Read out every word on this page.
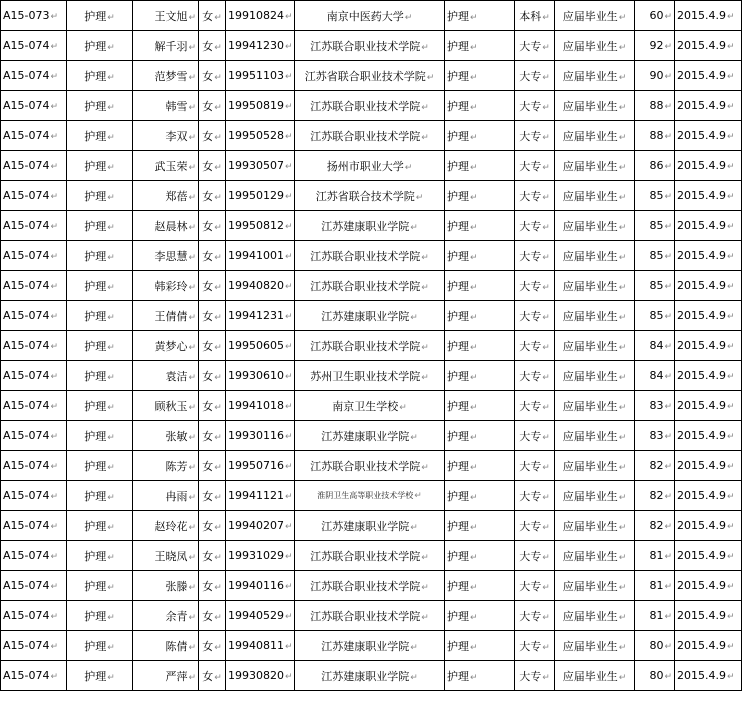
A15-073↵	护理↵	王文旭↵	女↵	19910824↵	南京中医药大学↵	护理↵	本科↵	应届毕业生↵	60↵	2015.4.9↵
A15-074↵	护理↵	解千羽↵	女↵	19941230↵	江苏联合职业技术学院↵	护理↵	大专↵	应届毕业生↵	92↵	2015.4.9↵
A15-074↵	护理↵	范梦雪↵	女↵	19951103↵	江苏省联合职业技术学院↵	护理↵	大专↵	应届毕业生↵	90↵	2015.4.9↵
A15-074↵	护理↵	韩雪↵	女↵	19950819↵	江苏联合职业技术学院↵	护理↵	大专↵	应届毕业生↵	88↵	2015.4.9↵
A15-074↵	护理↵	李双↵	女↵	19950528↵	江苏联合职业技术学院↵	护理↵	大专↵	应届毕业生↵	88↵	2015.4.9↵
A15-074↵	护理↵	武玉荣↵	女↵	19930507↵	扬州市职业大学↵	护理↵	大专↵	应届毕业生↵	86↵	2015.4.9↵
A15-074↵	护理↵	郑蓓↵	女↵	19950129↵	江苏省联合技术学院↵	护理↵	大专↵	应届毕业生↵	85↵	2015.4.9↵
A15-074↵	护理↵	赵晨林↵	女↵	19950812↵	江苏建康职业学院↵	护理↵	大专↵	应届毕业生↵	85↵	2015.4.9↵
A15-074↵	护理↵	李思慧↵	女↵	19941001↵	江苏联合职业技术学院↵	护理↵	大专↵	应届毕业生↵	85↵	2015.4.9↵
A15-074↵	护理↵	韩彩玲↵	女↵	19940820↵	江苏联合职业技术学院↵	护理↵	大专↵	应届毕业生↵	85↵	2015.4.9↵
A15-074↵	护理↵	王倩倩↵	女↵	19941231↵	江苏建康职业学院↵	护理↵	大专↵	应届毕业生↵	85↵	2015.4.9↵
A15-074↵	护理↵	黄梦心↵	女↵	19950605↵	江苏联合职业技术学院↵	护理↵	大专↵	应届毕业生↵	84↵	2015.4.9↵
A15-074↵	护理↵	袁洁↵	女↵	19930610↵	苏州卫生职业技术学院↵	护理↵	大专↵	应届毕业生↵	84↵	2015.4.9↵
A15-074↵	护理↵	顾秋玉↵	女↵	19941018↵	南京卫生学校↵	护理↵	大专↵	应届毕业生↵	83↵	2015.4.9↵
A15-074↵	护理↵	张敏↵	女↵	19930116↵	江苏建康职业学院↵	护理↵	大专↵	应届毕业生↵	83↵	2015.4.9↵
A15-074↵	护理↵	陈芳↵	女↵	19950716↵	江苏联合职业技术学院↵	护理↵	大专↵	应届毕业生↵	82↵	2015.4.9↵
A15-074↵	护理↵	冉雨↵	女↵	19941121↵	淮阴卫生高等职业技术学校↵	护理↵	大专↵	应届毕业生↵	82↵	2015.4.9↵
A15-074↵	护理↵	赵玲花↵	女↵	19940207↵	江苏建康职业学院↵	护理↵	大专↵	应届毕业生↵	82↵	2015.4.9↵
A15-074↵	护理↵	王晓凤↵	女↵	19931029↵	江苏联合职业技术学院↵	护理↵	大专↵	应届毕业生↵	81↵	2015.4.9↵
A15-074↵	护理↵	张滕↵	女↵	19940116↵	江苏联合职业技术学院↵	护理↵	大专↵	应届毕业生↵	81↵	2015.4.9↵
A15-074↵	护理↵	余青↵	女↵	19940529↵	江苏联合职业技术学院↵	护理↵	大专↵	应届毕业生↵	81↵	2015.4.9↵
A15-074↵	护理↵	陈倩↵	女↵	19940811↵	江苏建康职业学院↵	护理↵	大专↵	应届毕业生↵	80↵	2015.4.9↵
A15-074↵	护理↵	严萍↵	女↵	19930820↵	江苏建康职业学院↵	护理↵	大专↵	应届毕业生↵	80↵	2015.4.9↵
